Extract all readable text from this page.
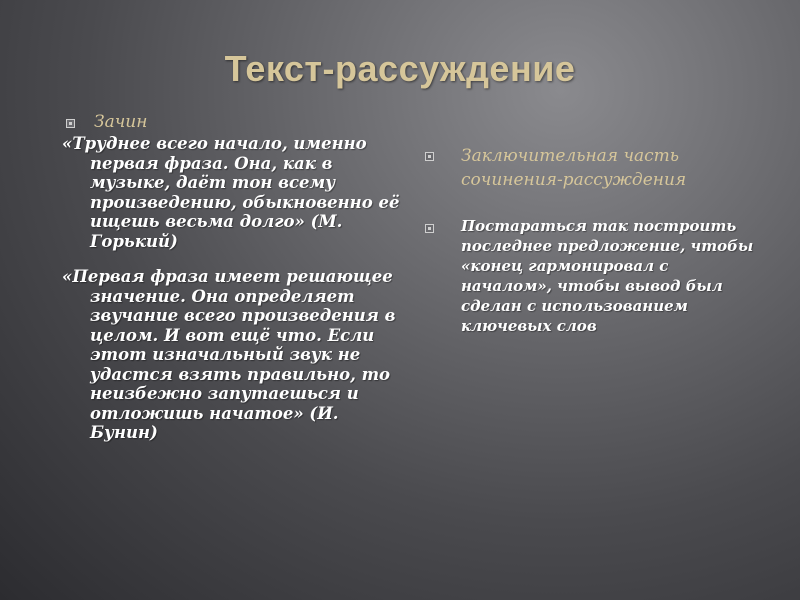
Текст-рассуждение
Зачин

«Труднее всего начало, именно первая фраза. Она, как в музыке, даёт тон всему произведению, обыкновенно её ищешь весьма долго» (М. Горький)

«Первая фраза имеет решающее значение. Она определяет звучание всего произведения в целом. И вот ещё что. Если этот изначальный звук не удастся взять правильно, то неизбежно запутаешься и отложишь начатое» (И. Бунин)

Заключительная часть сочинения-рассуждения
Постараться так построить последнее предложение, чтобы «конец гармонировал с началом», чтобы вывод был сделан с использованием ключевых слов
